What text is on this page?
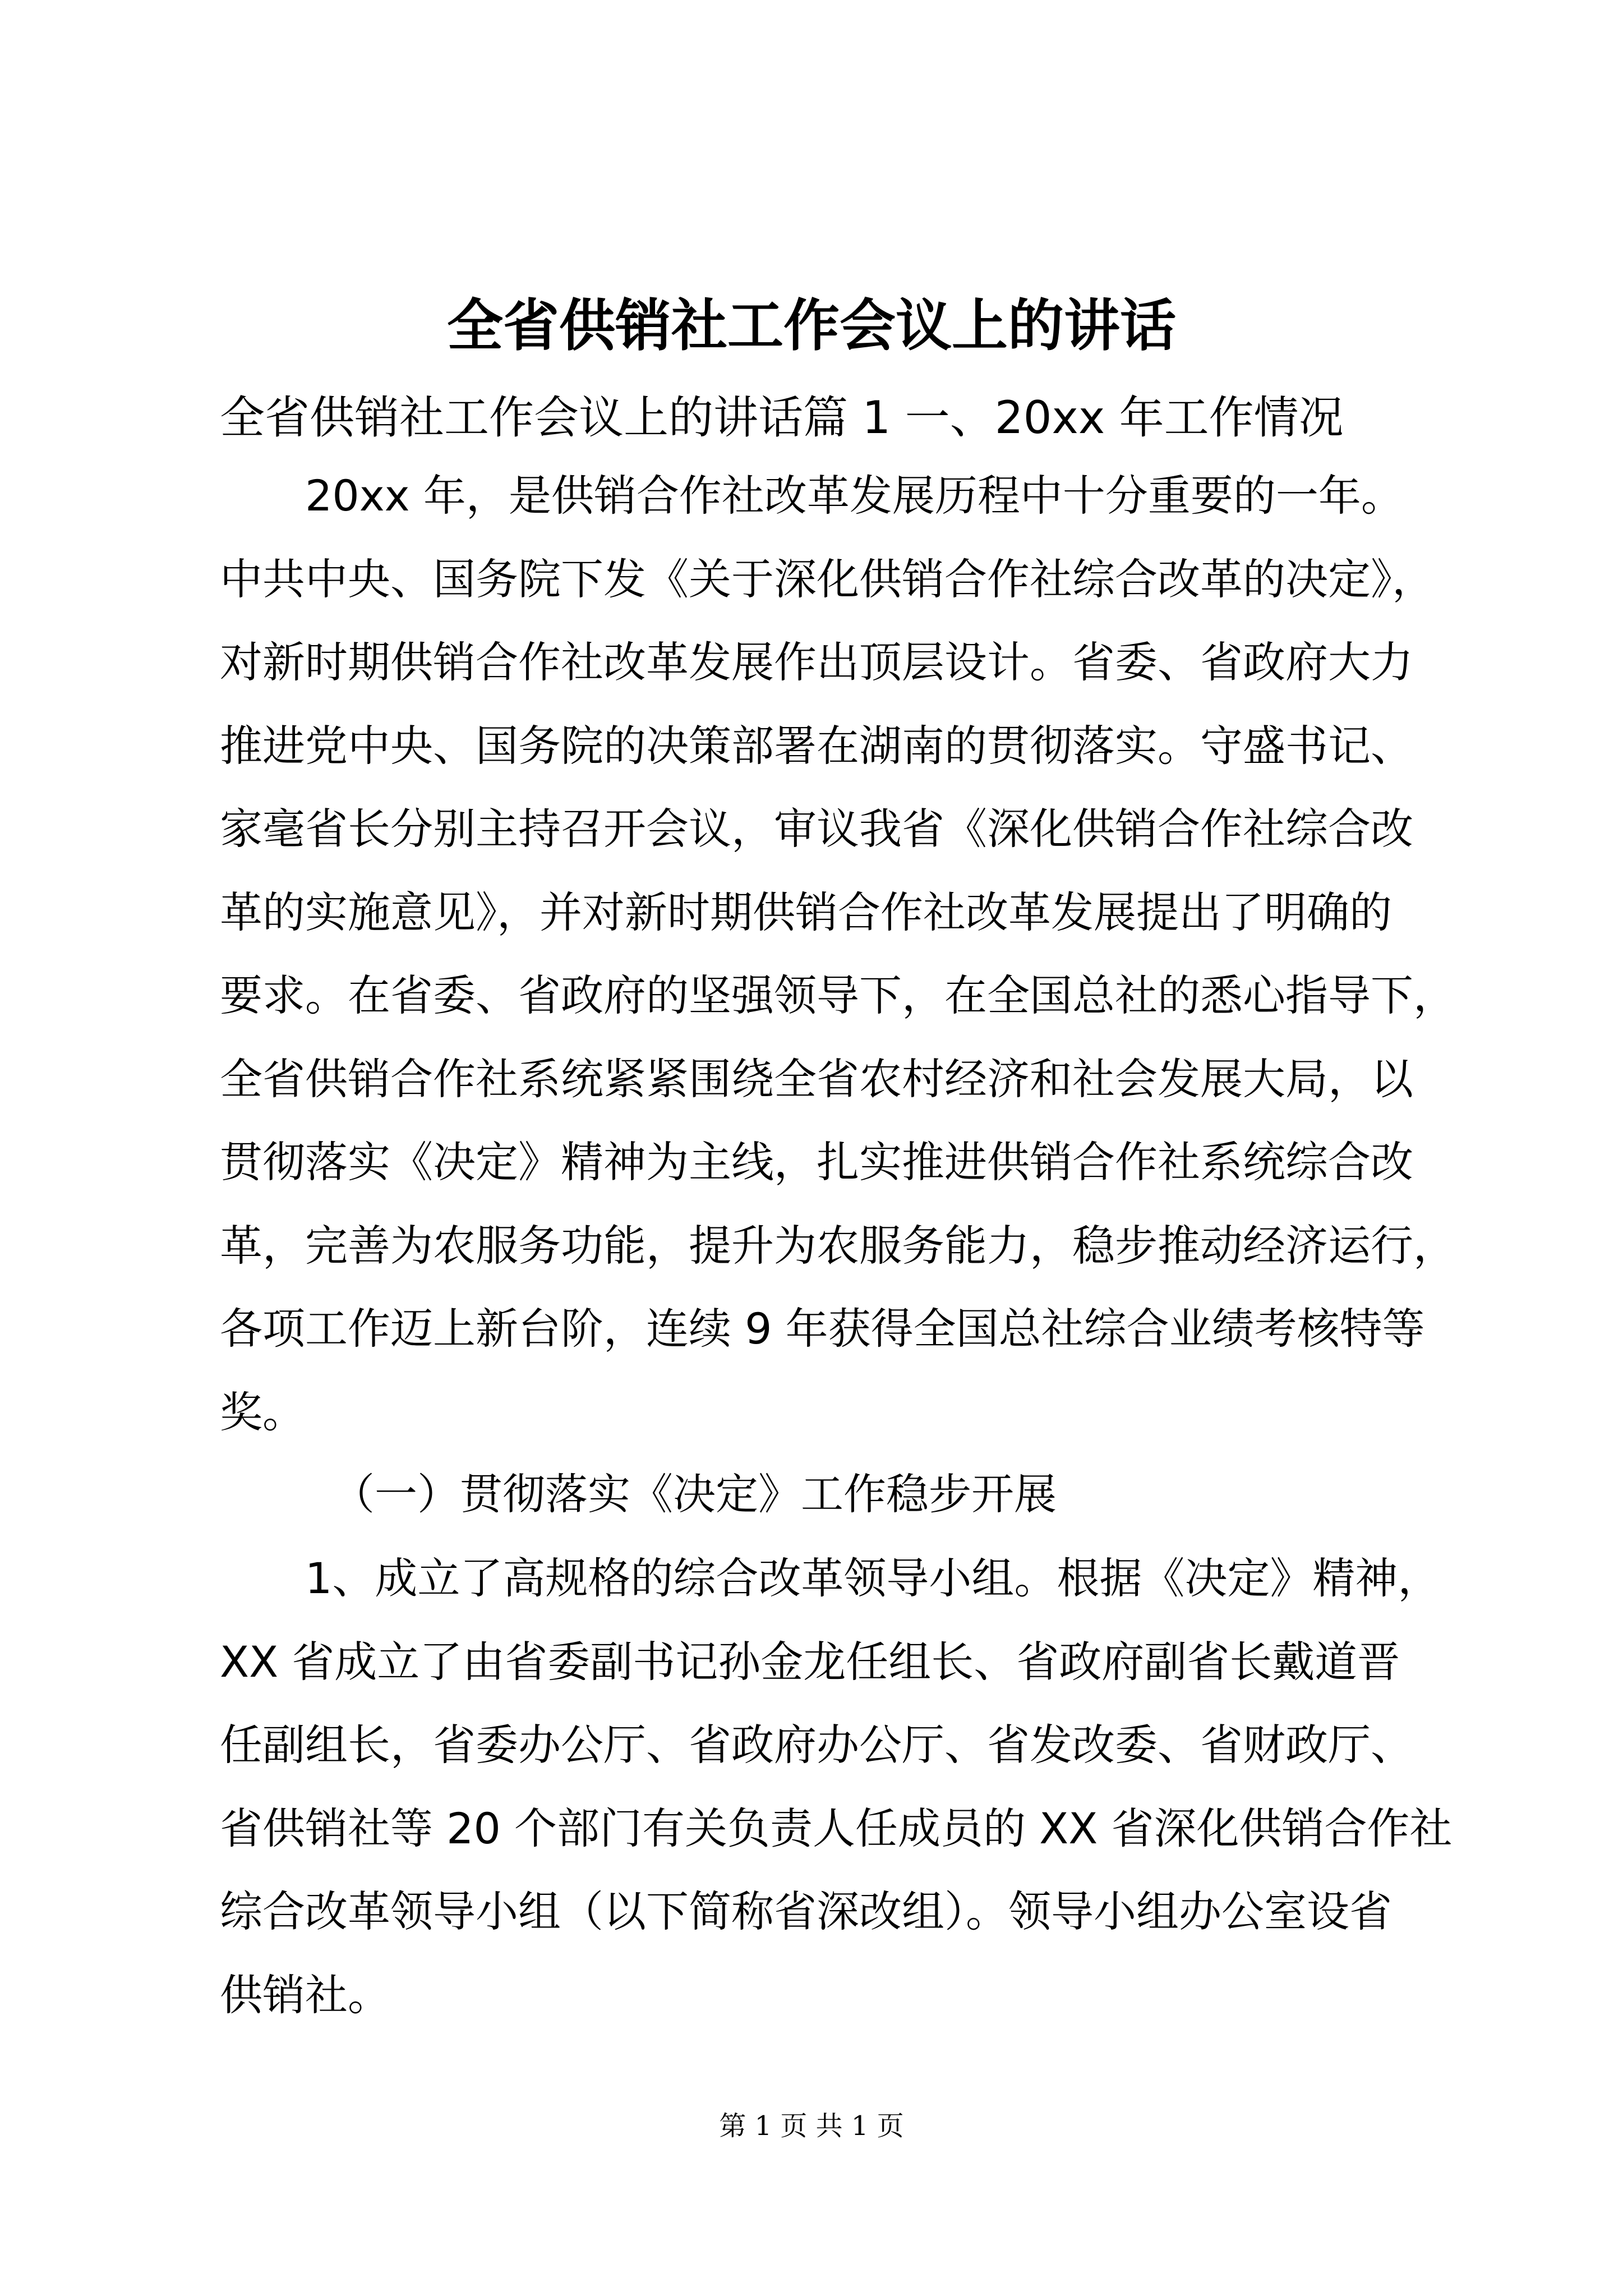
全省供销社工作会议上的讲话
全省供销社工作会议上的讲话篇 1 一、20xx 年工作情况
20xx 年，是供销合作社改革发展历程中十分重要的一年。
中共中央、国务院下发《关于深化供销合作社综合改革的决定》，
对新时期供销合作社改革发展作出顶层设计。省委、省政府大力
推进党中央、国务院的决策部署在湖南的贯彻落实。守盛书记、
家毫省长分别主持召开会议，审议我省《深化供销合作社综合改
革的实施意见》，并对新时期供销合作社改革发展提出了明确的
要求。在省委、省政府的坚强领导下，在全国总社的悉心指导下，
全省供销合作社系统紧紧围绕全省农村经济和社会发展大局，以
贯彻落实《决定》精神为主线，扎实推进供销合作社系统综合改
革，完善为农服务功能，提升为农服务能力，稳步推动经济运行，
各项工作迈上新台阶，连续 9 年获得全国总社综合业绩考核特等
奖。
（一）贯彻落实《决定》工作稳步开展
1、成立了高规格的综合改革领导小组。根据《决定》精神，
XX 省成立了由省委副书记孙金龙任组长、省政府副省长戴道晋
任副组长，省委办公厅、省政府办公厅、省发改委、省财政厅、
省供销社等 20 个部门有关负责人任成员的 XX 省深化供销合作社
综合改革领导小组（以下简称省深改组）。领导小组办公室设省
供销社。
第 1 页 共 1 页
